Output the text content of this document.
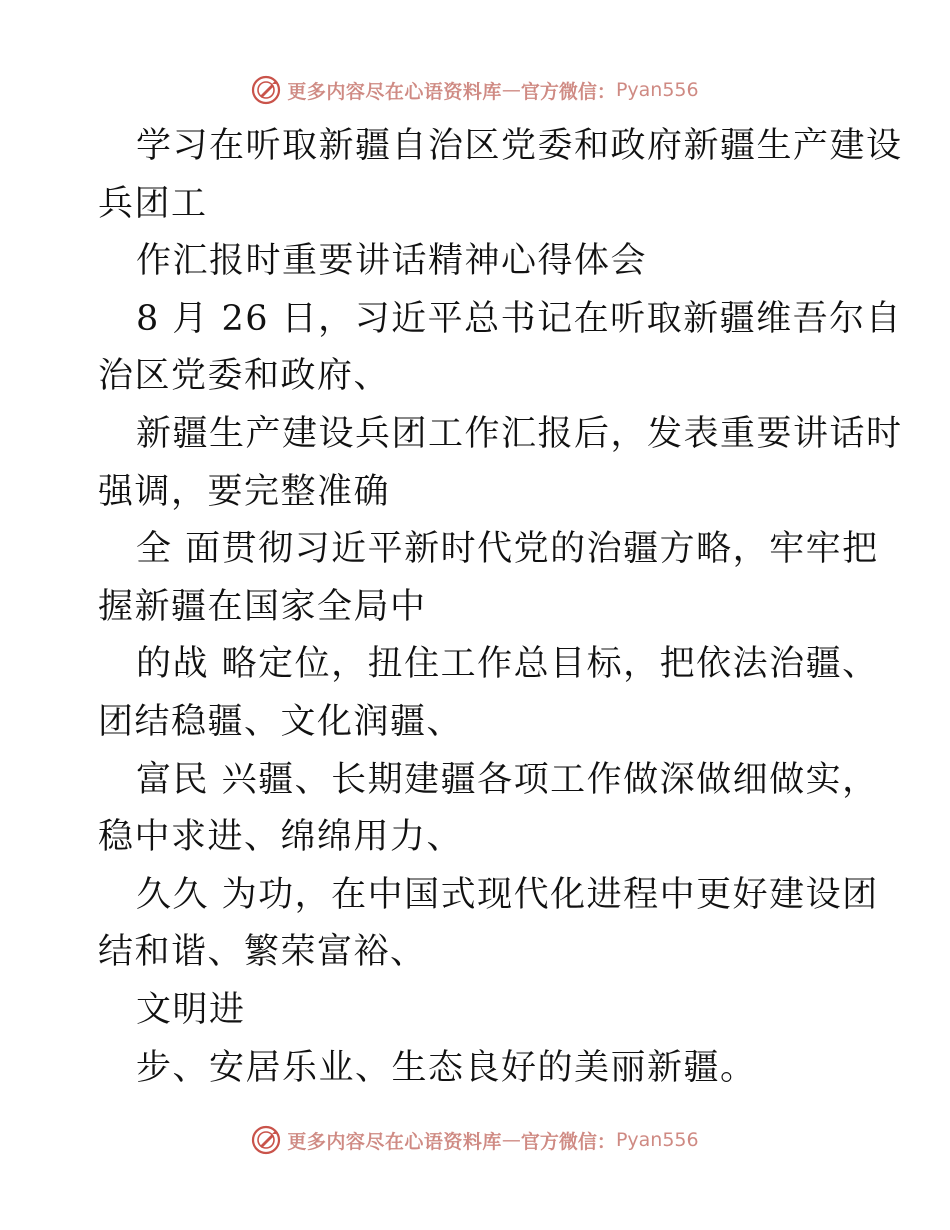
更多内容尽在心语资料库 — 官方微信： Pyan556
学习在听取新疆自治区党委和政府新疆生产建设
兵团工
作汇报时重要讲话精神心得体会
8 月 26 日，习近平总书记在听取新疆维吾尔自
治区党委和政府、
新疆生产建设兵团工作汇报后，发表重要讲话时
强调，要完整准确
全 面贯彻习近平新时代党的治疆方略，牢牢把
握新疆在国家全局中
的战 略定位，扭住工作总目标，把依法治疆、
团结稳疆、文化润疆、
富民 兴疆、长期建疆各项工作做深做细做实，
稳中求进、绵绵用力、
久久 为功，在中国式现代化进程中更好建设团
结和谐、繁荣富裕、
文明进
步、安居乐业、生态良好的美丽新疆。
更多内容尽在心语资料库 — 官方微信： Pyan556
